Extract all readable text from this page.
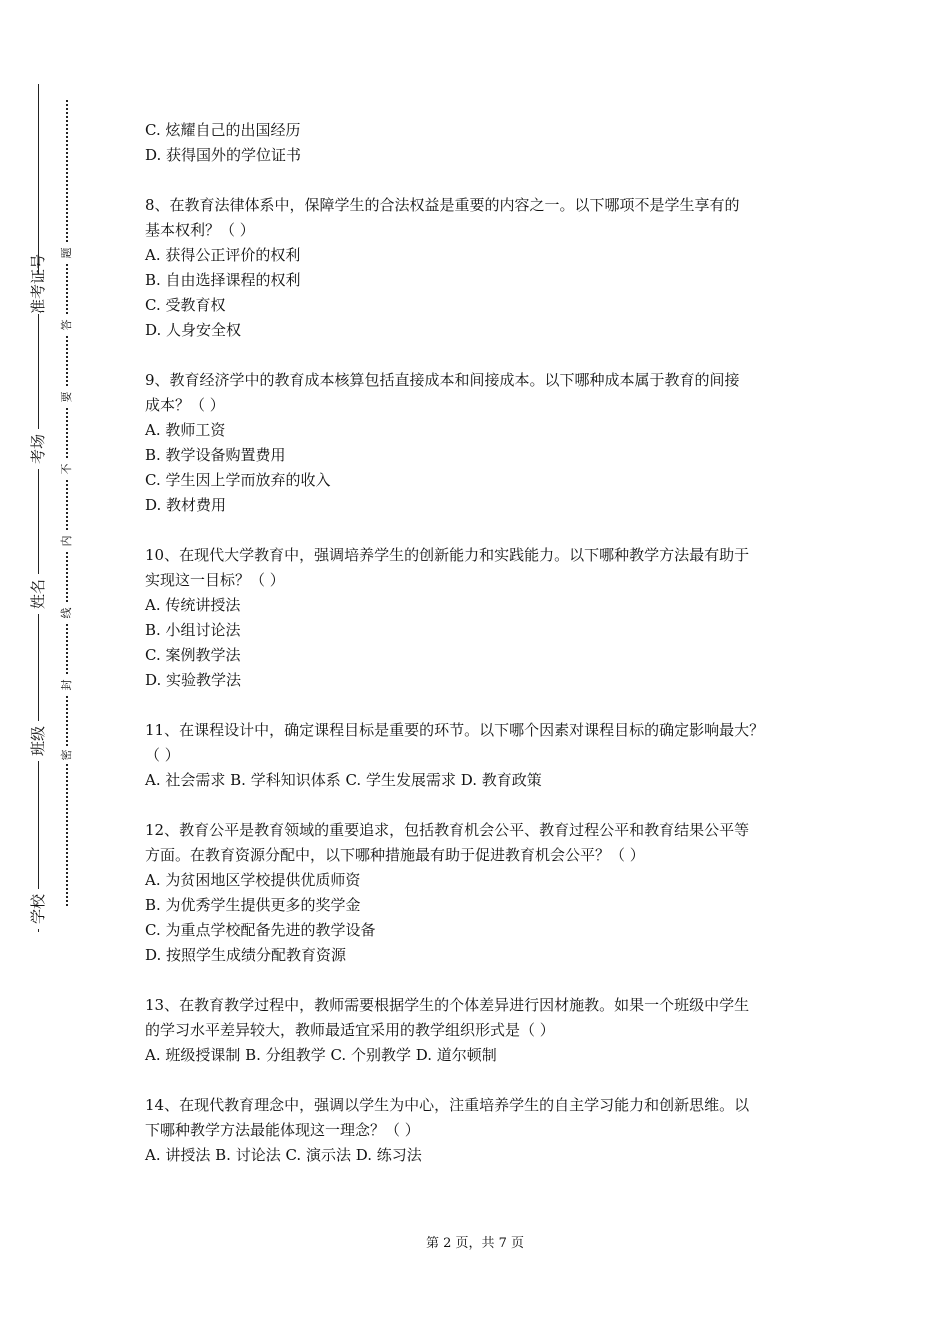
准考证号
考场
姓名
班级
学校
题
答
要
不
内
线
封
密

C. 炫耀自己的出国经历

D. 获得国外的学位证书

8、在教育法律体系中，保障学生的合法权益是重要的内容之一。以下哪项不是学生享有的

基本权利？（ ）

A. 获得公正评价的权利

B. 自由选择课程的权利

C. 受教育权

D. 人身安全权

9、教育经济学中的教育成本核算包括直接成本和间接成本。以下哪种成本属于教育的间接

成本？（ ）

A. 教师工资

B. 教学设备购置费用

C. 学生因上学而放弃的收入

D. 教材费用

10、在现代大学教育中，强调培养学生的创新能力和实践能力。以下哪种教学方法最有助于

实现这一目标？（ ）

A. 传统讲授法

B. 小组讨论法

C. 案例教学法

D. 实验教学法

11、在课程设计中，确定课程目标是重要的环节。以下哪个因素对课程目标的确定影响最大？

（ ）

A. 社会需求 B. 学科知识体系 C. 学生发展需求 D. 教育政策

12、教育公平是教育领域的重要追求，包括教育机会公平、教育过程公平和教育结果公平等

方面。在教育资源分配中，以下哪种措施最有助于促进教育机会公平？（ ）

A. 为贫困地区学校提供优质师资

B. 为优秀学生提供更多的奖学金

C. 为重点学校配备先进的教学设备

D. 按照学生成绩分配教育资源

13、在教育教学过程中，教师需要根据学生的个体差异进行因材施教。如果一个班级中学生

的学习水平差异较大，教师最适宜采用的教学组织形式是（ ）

A. 班级授课制 B. 分组教学 C. 个别教学 D. 道尔顿制

14、在现代教育理念中，强调以学生为中心，注重培养学生的自主学习能力和创新思维。以

下哪种教学方法最能体现这一理念？（ ）

A. 讲授法 B. 讨论法 C. 演示法 D. 练习法

第 2 页，共 7 页
